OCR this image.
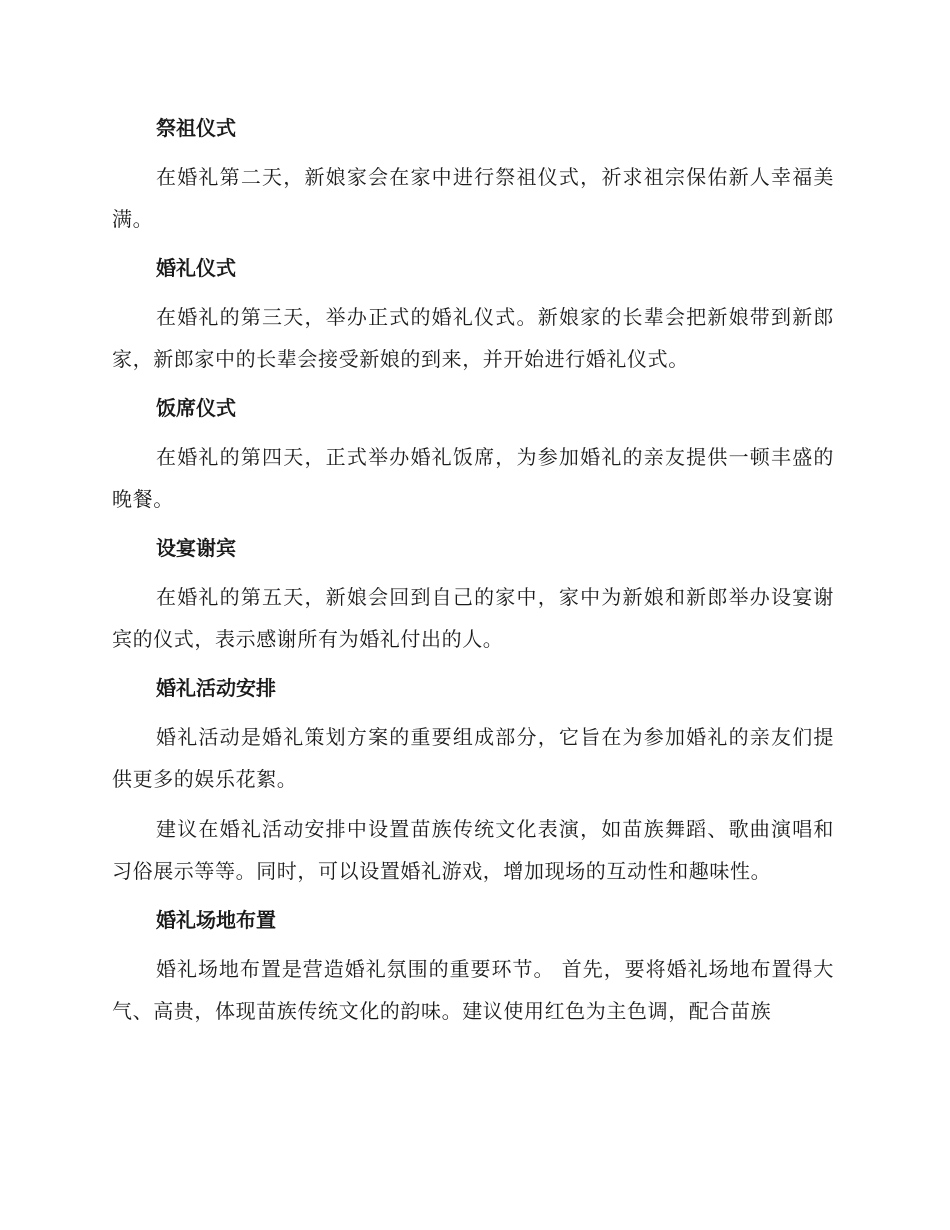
祭祖仪式

在婚礼第二天，新娘家会在家中进行祭祖仪式，祈求祖宗保佑新人幸福美满。

婚礼仪式

在婚礼的第三天，举办正式的婚礼仪式。新娘家的长辈会把新娘带到新郎家，新郎家中的长辈会接受新娘的到来，并开始进行婚礼仪式。

饭席仪式

在婚礼的第四天，正式举办婚礼饭席，为参加婚礼的亲友提供一顿丰盛的晚餐。

设宴谢宾

在婚礼的第五天，新娘会回到自己的家中，家中为新娘和新郎举办设宴谢宾的仪式，表示感谢所有为婚礼付出的人。

婚礼活动安排

婚礼活动是婚礼策划方案的重要组成部分，它旨在为参加婚礼的亲友们提供更多的娱乐花絮。

建议在婚礼活动安排中设置苗族传统文化表演，如苗族舞蹈、歌曲演唱和习俗展示等等。同时，可以设置婚礼游戏，增加现场的互动性和趣味性。

婚礼场地布置

婚礼场地布置是营造婚礼氛围的重要环节。 首先，要将婚礼场地布置得大气、高贵，体现苗族传统文化的韵味。建议使用红色为主色调，配合苗族
